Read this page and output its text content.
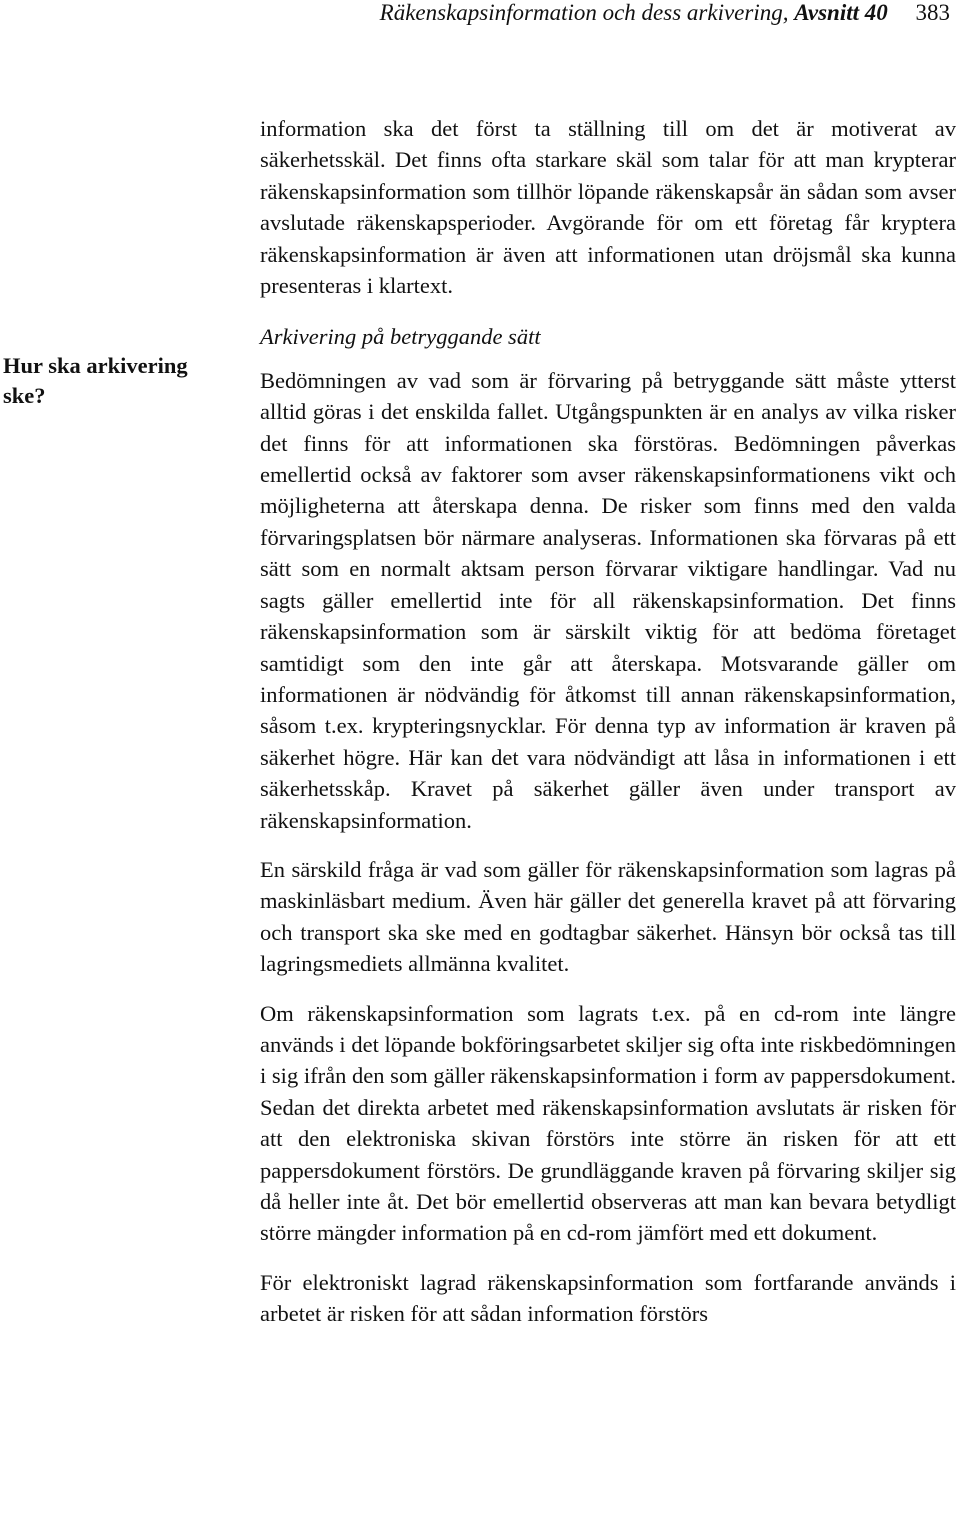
Räkenskapsinformation och dess arkivering, Avsnitt 40 383
Hur ska arkivering ske?

information ska det först ta ställning till om det är motiverat av säkerhetsskäl. Det finns ofta starkare skäl som talar för att man krypterar räkenskapsinformation som tillhör löpande räkenskapsår än sådan som avser avslutade räkenskapsperioder. Avgörande för om ett företag får kryptera räkenskapsinformation är även att informationen utan dröjsmål ska kunna presenteras i klartext.

Arkivering på betryggande sätt

Bedömningen av vad som är förvaring på betryggande sätt måste ytterst alltid göras i det enskilda fallet. Utgångspunkten är en analys av vilka risker det finns för att informationen ska förstöras. Bedömningen påverkas emellertid också av faktorer som avser räkenskapsinformationens vikt och möjligheterna att återskapa denna. De risker som finns med den valda förvaringsplatsen bör närmare analyseras. Informationen ska förvaras på ett sätt som en normalt aktsam person förvarar viktigare handlingar. Vad nu sagts gäller emellertid inte för all räkenskapsinformation. Det finns räkenskapsinformation som är särskilt viktig för att bedöma företaget samtidigt som den inte går att återskapa. Motsvarande gäller om informationen är nödvändig för åtkomst till annan räkenskapsinformation, såsom t.ex. krypteringsnycklar. För denna typ av information är kraven på säkerhet högre. Här kan det vara nödvändigt att låsa in informationen i ett säkerhetsskåp. Kravet på säkerhet gäller även under transport av räkenskapsinformation.

En särskild fråga är vad som gäller för räkenskapsinformation som lagras på maskinläsbart medium. Även här gäller det generella kravet på att förvaring och transport ska ske med en godtagbar säkerhet. Hänsyn bör också tas till lagringsmediets allmänna kvalitet.

Om räkenskapsinformation som lagrats t.ex. på en cd-rom inte längre används i det löpande bokföringsarbetet skiljer sig ofta inte riskbedömningen i sig ifrån den som gäller räkenskapsinformation i form av pappersdokument. Sedan det direkta arbetet med räkenskapsinformation avslutats är risken för att den elektroniska skivan förstörs inte större än risken för att ett pappersdokument förstörs. De grundläggande kraven på förvaring skiljer sig då heller inte åt. Det bör emellertid observeras att man kan bevara betydligt större mängder information på en cd-rom jämfört med ett dokument.

För elektroniskt lagrad räkenskapsinformation som fortfarande används i arbetet är risken för att sådan information förstörs
